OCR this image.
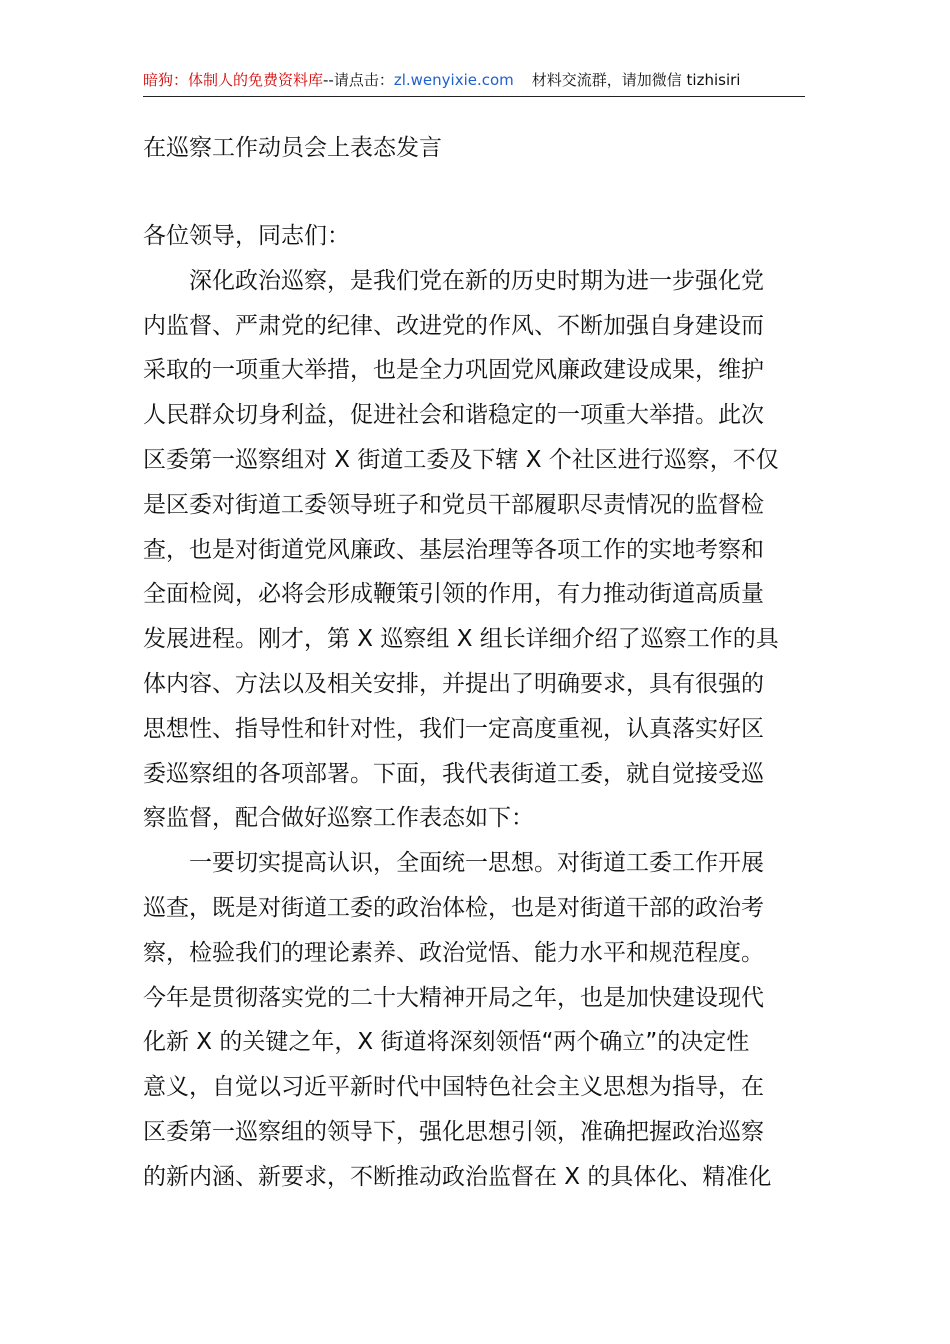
暗狗：体制人的免费资料库--请点击：zl.wenyixie.com 材料交流群，请加微信 tizhisiri
在巡察工作动员会上表态发言
各位领导，同志们：
深化政治巡察，是我们党在新的历史时期为进一步强化党
内监督、严肃党的纪律、改进党的作风、不断加强自身建设而
采取的一项重大举措，也是全力巩固党风廉政建设成果，维护
人民群众切身利益，促进社会和谐稳定的一项重大举措。此次
区委第一巡察组对 X 街道工委及下辖 X 个社区进行巡察，不仅
是区委对街道工委领导班子和党员干部履职尽责情况的监督检
查，也是对街道党风廉政、基层治理等各项工作的实地考察和
全面检阅，必将会形成鞭策引领的作用，有力推动街道高质量
发展进程。刚才，第 X 巡察组 X 组长详细介绍了巡察工作的具
体内容、方法以及相关安排，并提出了明确要求，具有很强的
思想性、指导性和针对性，我们一定高度重视，认真落实好区
委巡察组的各项部署。下面，我代表街道工委，就自觉接受巡
察监督，配合做好巡察工作表态如下：
一要切实提高认识，全面统一思想。对街道工委工作开展
巡查，既是对街道工委的政治体检，也是对街道干部的政治考
察，检验我们的理论素养、政治觉悟、能力水平和规范程度。
今年是贯彻落实党的二十大精神开局之年，也是加快建设现代
化新 X 的关键之年，X 街道将深刻领悟“两个确立”的决定性
意义，自觉以习近平新时代中国特色社会主义思想为指导，在
区委第一巡察组的领导下，强化思想引领，准确把握政治巡察
的新内涵、新要求，不断推动政治监督在 X 的具体化、精准化
